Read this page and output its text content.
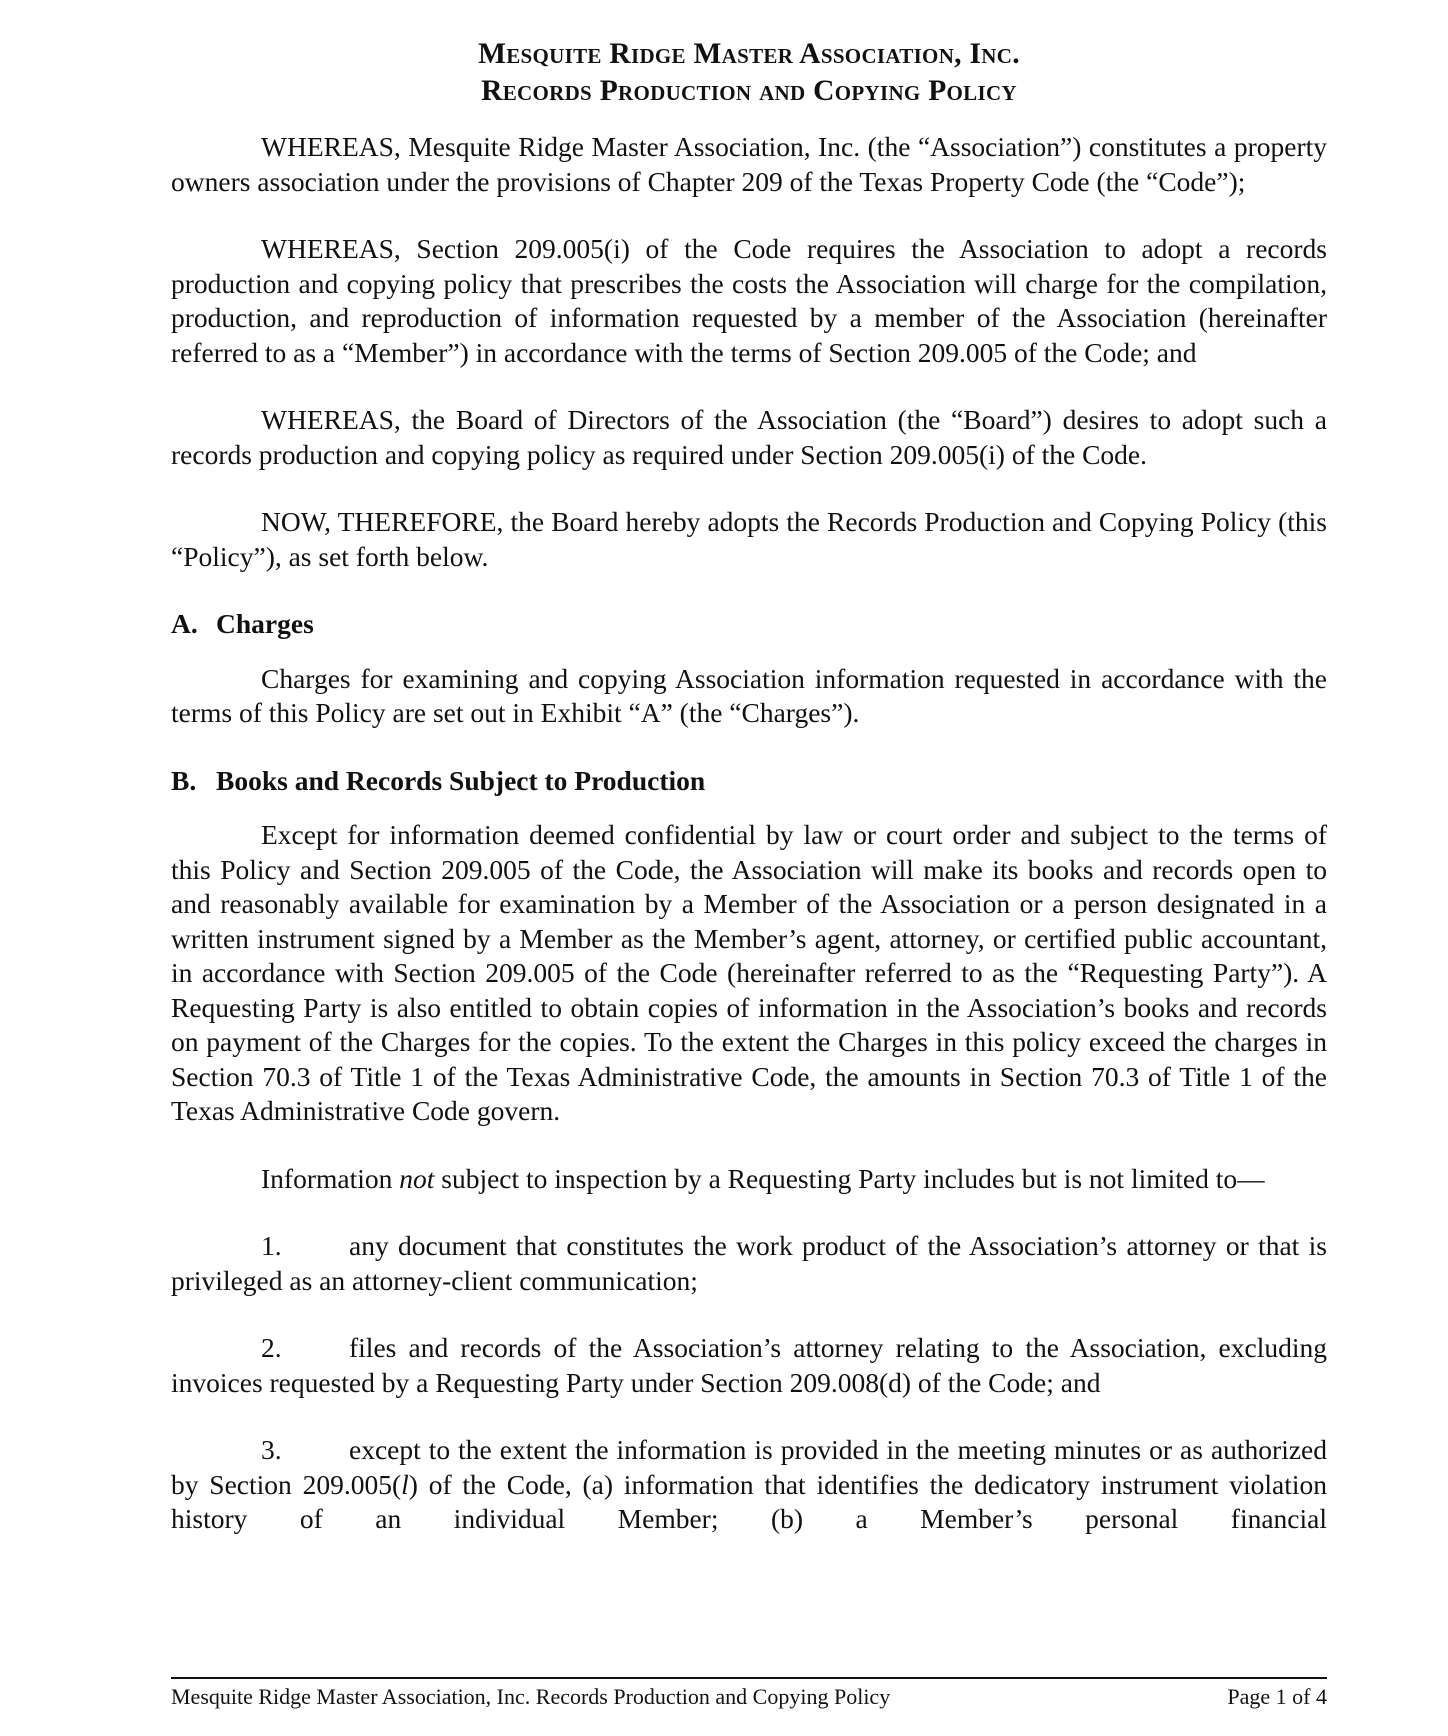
Mesquite Ridge Master Association, Inc.
Records Production and Copying Policy

WHEREAS, Mesquite Ridge Master Association, Inc. (the “Association”) constitutes a property owners association under the provisions of Chapter 209 of the Texas Property Code (the “Code”);

WHEREAS, Section 209.005(i) of the Code requires the Association to adopt a records production and copying policy that prescribes the costs the Association will charge for the compilation, production, and reproduction of information requested by a member of the Association (hereinafter referred to as a “Member”) in accordance with the terms of Section 209.005 of the Code; and

WHEREAS, the Board of Directors of the Association (the “Board”) desires to adopt such a records production and copying policy as required under Section 209.005(i) of the Code.

NOW, THEREFORE, the Board hereby adopts the Records Production and Copying Policy (this “Policy”), as set forth below.

A. Charges

Charges for examining and copying Association information requested in accordance with the terms of this Policy are set out in Exhibit “A” (the “Charges”).

B. Books and Records Subject to Production

Except for information deemed confidential by law or court order and subject to the terms of this Policy and Section 209.005 of the Code, the Association will make its books and records open to and reasonably available for examination by a Member of the Association or a person designated in a written instrument signed by a Member as the Member’s agent, attorney, or certified public accountant, in accordance with Section 209.005 of the Code (hereinafter referred to as the “Requesting Party”). A Requesting Party is also entitled to obtain copies of information in the Association’s books and records on payment of the Charges for the copies. To the extent the Charges in this policy exceed the charges in Section 70.3 of Title 1 of the Texas Administrative Code, the amounts in Section 70.3 of Title 1 of the Texas Administrative Code govern.

Information not subject to inspection by a Requesting Party includes but is not limited to—

1. any document that constitutes the work product of the Association’s attorney or that is privileged as an attorney-client communication;

2. files and records of the Association’s attorney relating to the Association, excluding invoices requested by a Requesting Party under Section 209.008(d) of the Code; and

3. except to the extent the information is provided in the meeting minutes or as authorized by Section 209.005(l) of the Code, (a) information that identifies the dedicatory instrument violation history of an individual Member; (b) a Member’s personal financial

Mesquite Ridge Master Association, Inc. Records Production and Copying Policy	Page 1 of 4
